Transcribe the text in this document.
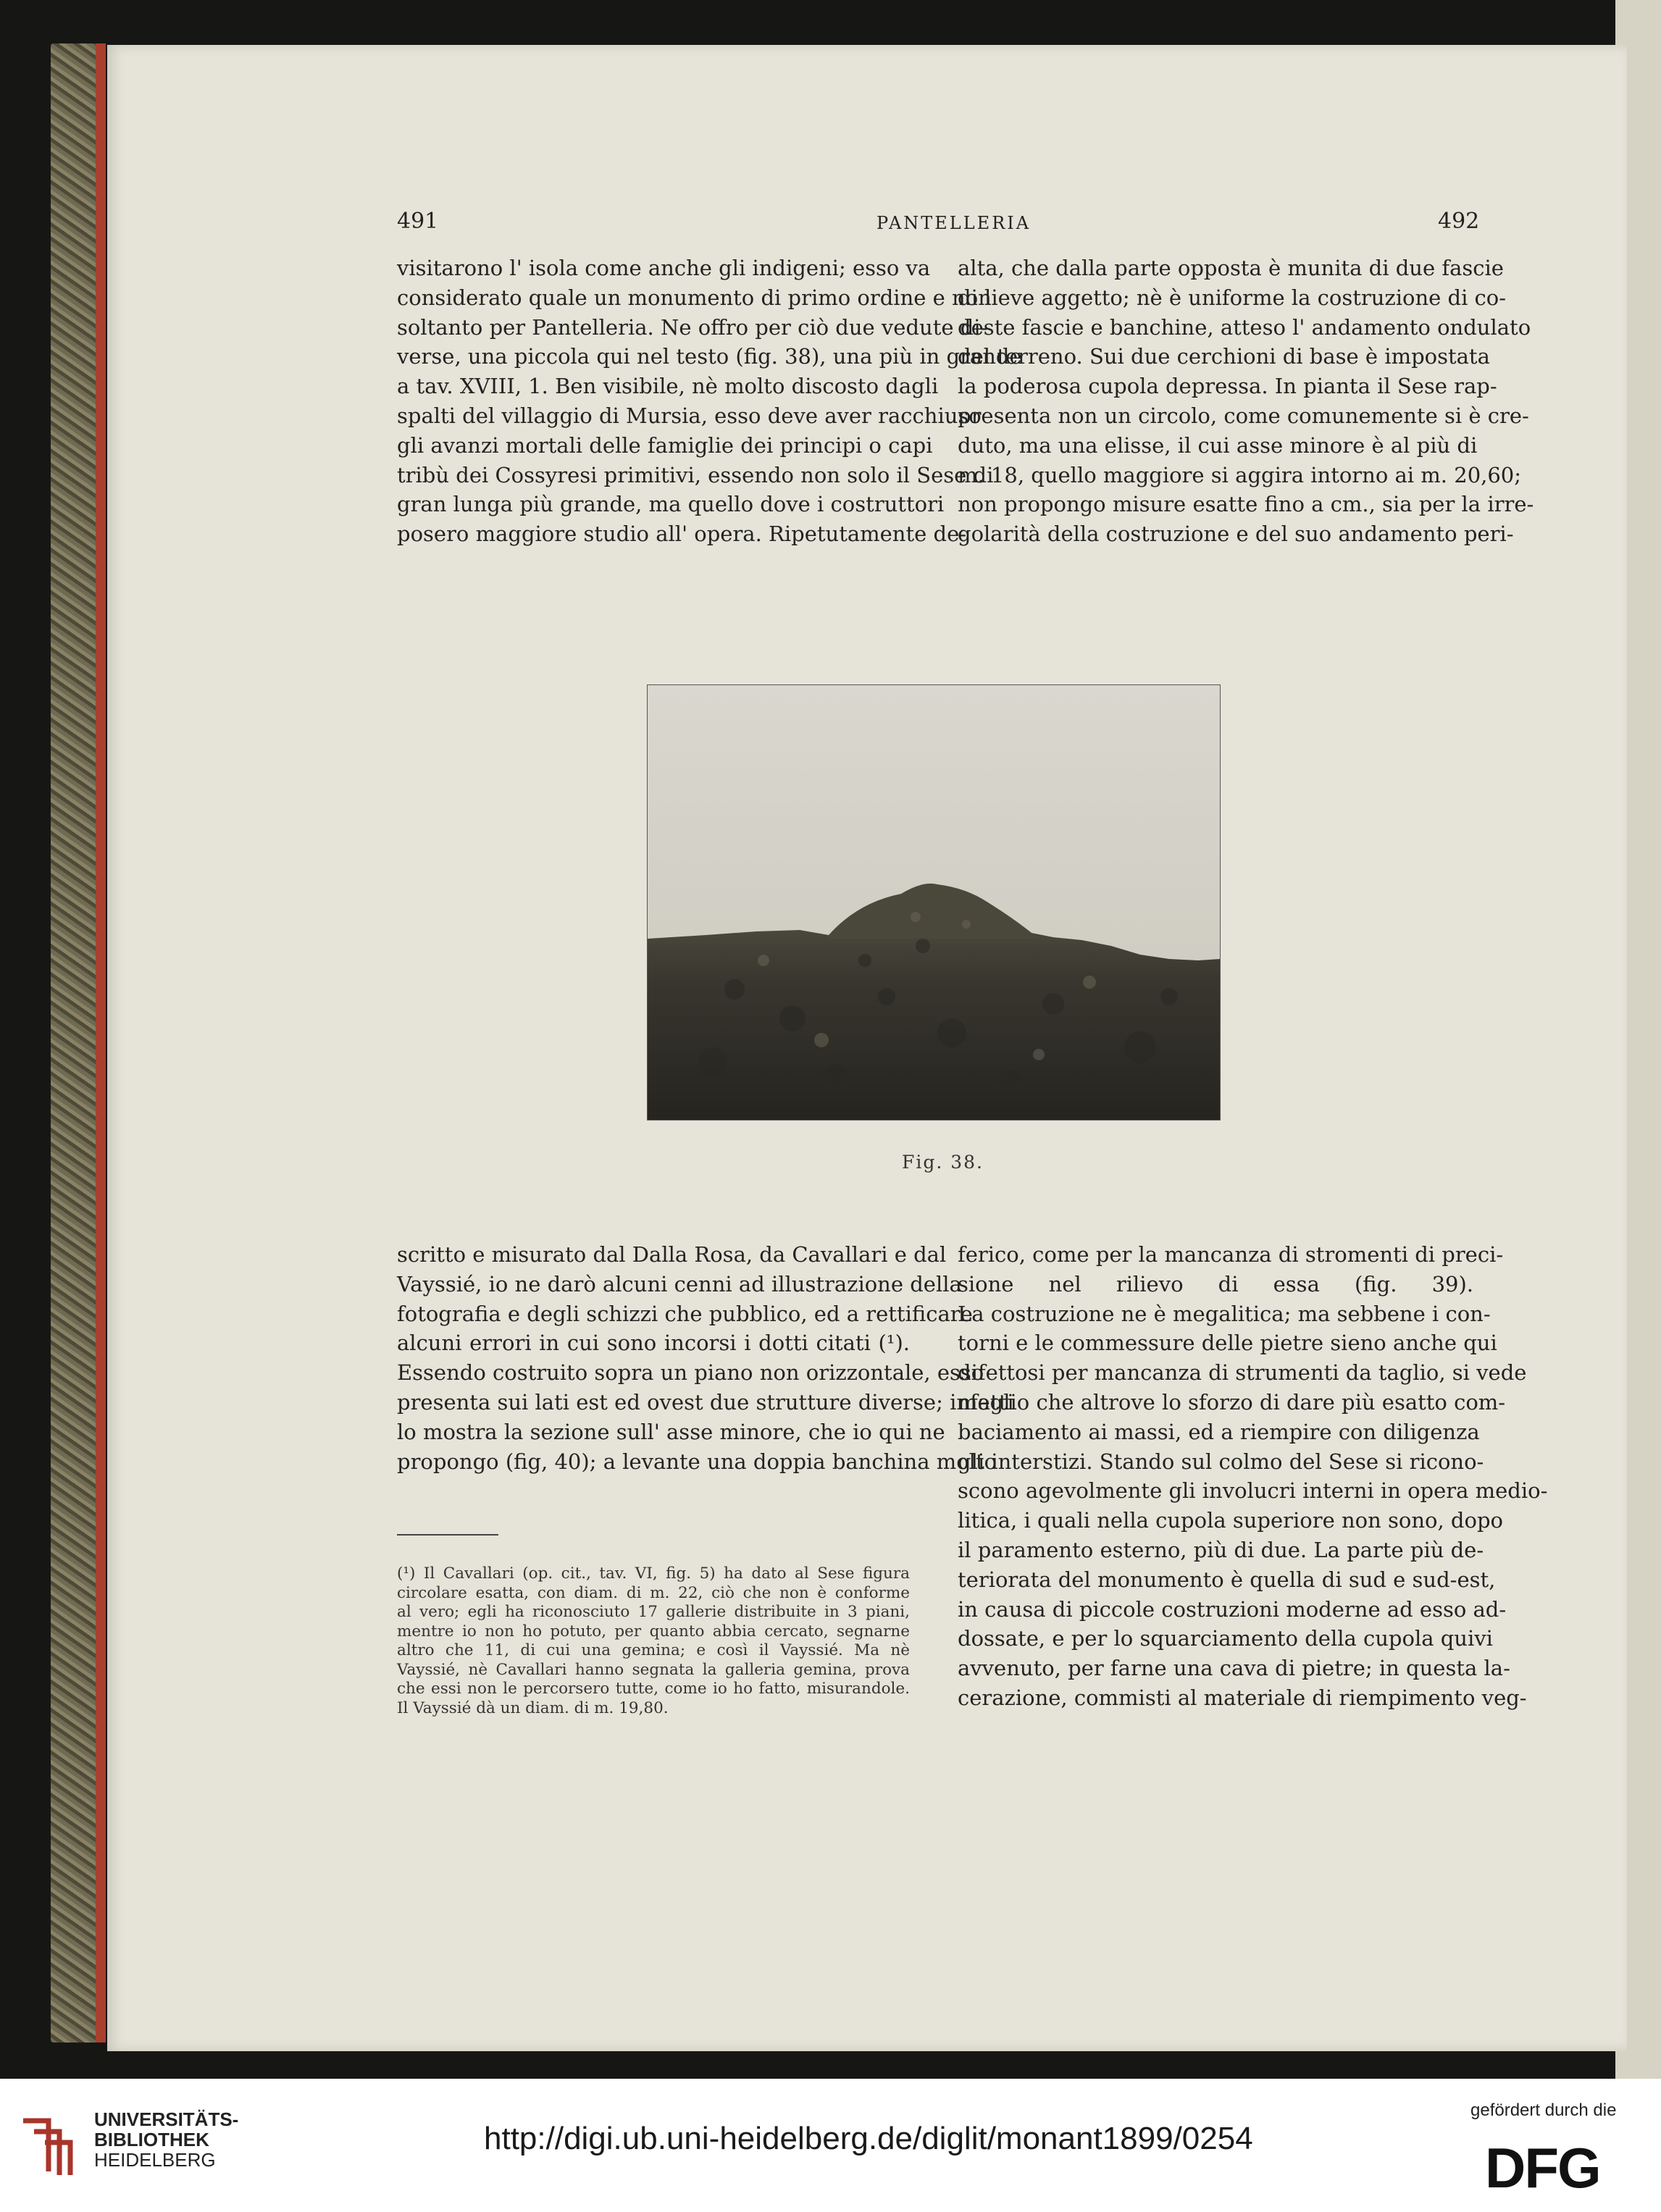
491	PANTELLERIA	492
visitarono l' isola come anche gli indigeni; esso va
considerato quale un monumento di primo ordine e non
soltanto per Pantelleria. Ne offro per ciò due vedute di-
verse, una piccola qui nel testo (fig. 38), una più in grande
a tav. XVIII, 1. Ben visibile, nè molto discosto dagli
spalti del villaggio di Mursia, esso deve aver racchiuso
gli avanzi mortali delle famiglie dei principi o capi
tribù dei Cossyresi primitivi, essendo non solo il Sese di
gran lunga più grande, ma quello dove i costruttori
posero maggiore studio all' opera. Ripetutamente de-
alta, che dalla parte opposta è munita di due fascie
di lieve aggetto; nè è uniforme la costruzione di co-
deste fascie e banchine, atteso l' andamento ondulato
del terreno. Sui due cerchioni di base è impostata
la poderosa cupola depressa. In pianta il Sese rap-
presenta non un circolo, come comunemente si è cre-
duto, ma una elisse, il cui asse minore è al più di
m. 18, quello maggiore si aggira intorno ai m. 20,60;
non propongo misure esatte fino a cm., sia per la irre-
golarità della costruzione e del suo andamento peri-
Fig. 38.
scritto e misurato dal Dalla Rosa, da Cavallari e dal
Vayssié, io ne darò alcuni cenni ad illustrazione della
fotografia e degli schizzi che pubblico, ed a rettificare
alcuni errori in cui sono incorsi i dotti citati (¹).
Essendo costruito sopra un piano non orizzontale, esso
presenta sui lati est ed ovest due strutture diverse; infatti
lo mostra la sezione sull' asse minore, che io qui ne
propongo (fig, 40); a levante una doppia banchina molto
ferico, come per la mancanza di stromenti di preci-
sione nel rilievo di essa (fig. 39).
La costruzione ne è megalitica; ma sebbene i con-
torni e le commessure delle pietre sieno anche qui
difettosi per mancanza di strumenti da taglio, si vede
meglio che altrove lo sforzo di dare più esatto com-
baciamento ai massi, ed a riempire con diligenza
gli interstizi. Stando sul colmo del Sese si ricono-
scono agevolmente gli involucri interni in opera medio-
litica, i quali nella cupola superiore non sono, dopo
il paramento esterno, più di due. La parte più de-
teriorata del monumento è quella di sud e sud-est,
in causa di piccole costruzioni moderne ad esso ad-
dossate, e per lo squarciamento della cupola quivi
avvenuto, per farne una cava di pietre; in questa la-
cerazione, commisti al materiale di riempimento veg-
(¹) Il Cavallari (op. cit., tav. VI, fig. 5) ha dato al Sese figura
circolare esatta, con diam. di m. 22, ciò che non è conforme
al vero; egli ha riconosciuto 17 gallerie distribuite in 3 piani,
mentre io non ho potuto, per quanto abbia cercato, segnarne
altro che 11, di cui una gemina; e così il Vayssié. Ma nè
Vayssié, nè Cavallari hanno segnata la galleria gemina, prova
che essi non le percorsero tutte, come io ho fatto, misurandole.
Il Vayssié dà un diam. di m. 19,80.
UNIVERSITÄTS-
BIBLIOTHEK
HEIDELBERG
http://digi.ub.uni-heidelberg.de/diglit/monant1899/0254
gefördert durch die
DFG
